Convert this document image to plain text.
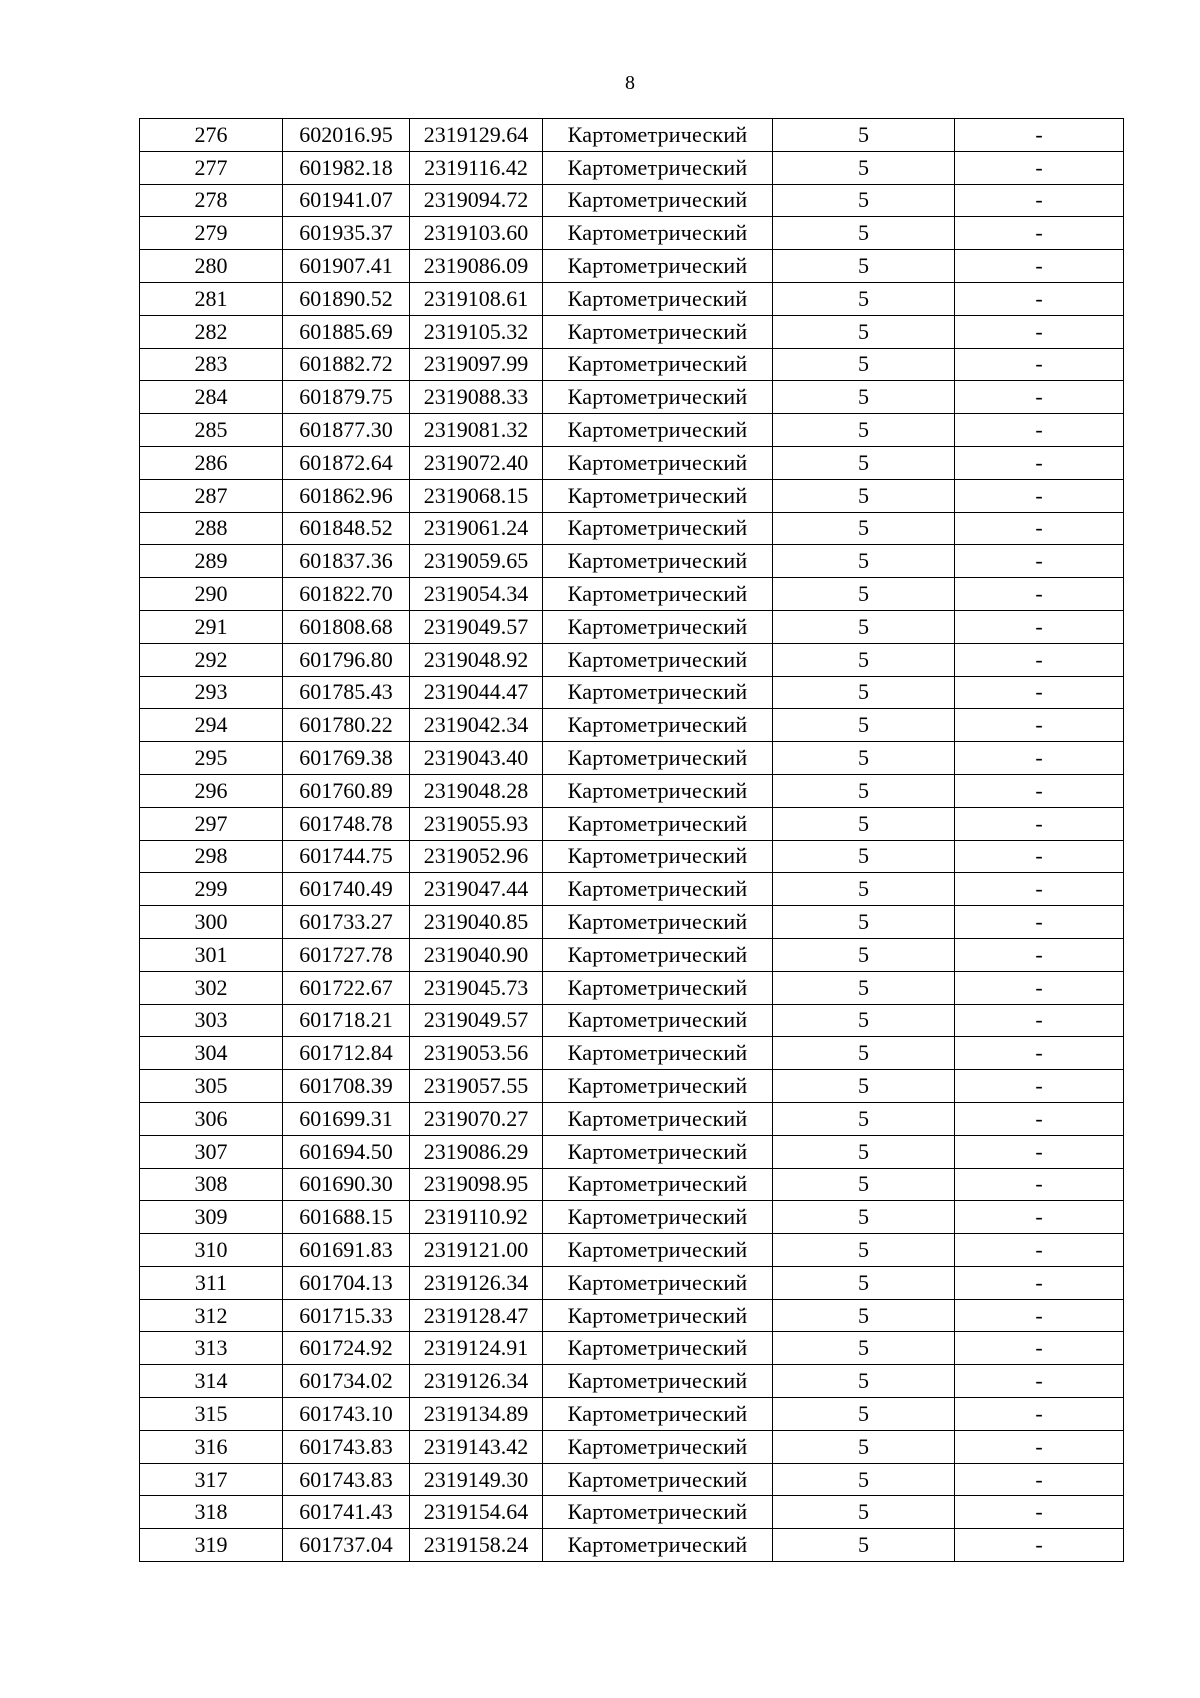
8
276	602016.95	2319129.64	Картометрический	5	-
277	601982.18	2319116.42	Картометрический	5	-
278	601941.07	2319094.72	Картометрический	5	-
279	601935.37	2319103.60	Картометрический	5	-
280	601907.41	2319086.09	Картометрический	5	-
281	601890.52	2319108.61	Картометрический	5	-
282	601885.69	2319105.32	Картометрический	5	-
283	601882.72	2319097.99	Картометрический	5	-
284	601879.75	2319088.33	Картометрический	5	-
285	601877.30	2319081.32	Картометрический	5	-
286	601872.64	2319072.40	Картометрический	5	-
287	601862.96	2319068.15	Картометрический	5	-
288	601848.52	2319061.24	Картометрический	5	-
289	601837.36	2319059.65	Картометрический	5	-
290	601822.70	2319054.34	Картометрический	5	-
291	601808.68	2319049.57	Картометрический	5	-
292	601796.80	2319048.92	Картометрический	5	-
293	601785.43	2319044.47	Картометрический	5	-
294	601780.22	2319042.34	Картометрический	5	-
295	601769.38	2319043.40	Картометрический	5	-
296	601760.89	2319048.28	Картометрический	5	-
297	601748.78	2319055.93	Картометрический	5	-
298	601744.75	2319052.96	Картометрический	5	-
299	601740.49	2319047.44	Картометрический	5	-
300	601733.27	2319040.85	Картометрический	5	-
301	601727.78	2319040.90	Картометрический	5	-
302	601722.67	2319045.73	Картометрический	5	-
303	601718.21	2319049.57	Картометрический	5	-
304	601712.84	2319053.56	Картометрический	5	-
305	601708.39	2319057.55	Картометрический	5	-
306	601699.31	2319070.27	Картометрический	5	-
307	601694.50	2319086.29	Картометрический	5	-
308	601690.30	2319098.95	Картометрический	5	-
309	601688.15	2319110.92	Картометрический	5	-
310	601691.83	2319121.00	Картометрический	5	-
311	601704.13	2319126.34	Картометрический	5	-
312	601715.33	2319128.47	Картометрический	5	-
313	601724.92	2319124.91	Картометрический	5	-
314	601734.02	2319126.34	Картометрический	5	-
315	601743.10	2319134.89	Картометрический	5	-
316	601743.83	2319143.42	Картометрический	5	-
317	601743.83	2319149.30	Картометрический	5	-
318	601741.43	2319154.64	Картометрический	5	-
319	601737.04	2319158.24	Картометрический	5	-
